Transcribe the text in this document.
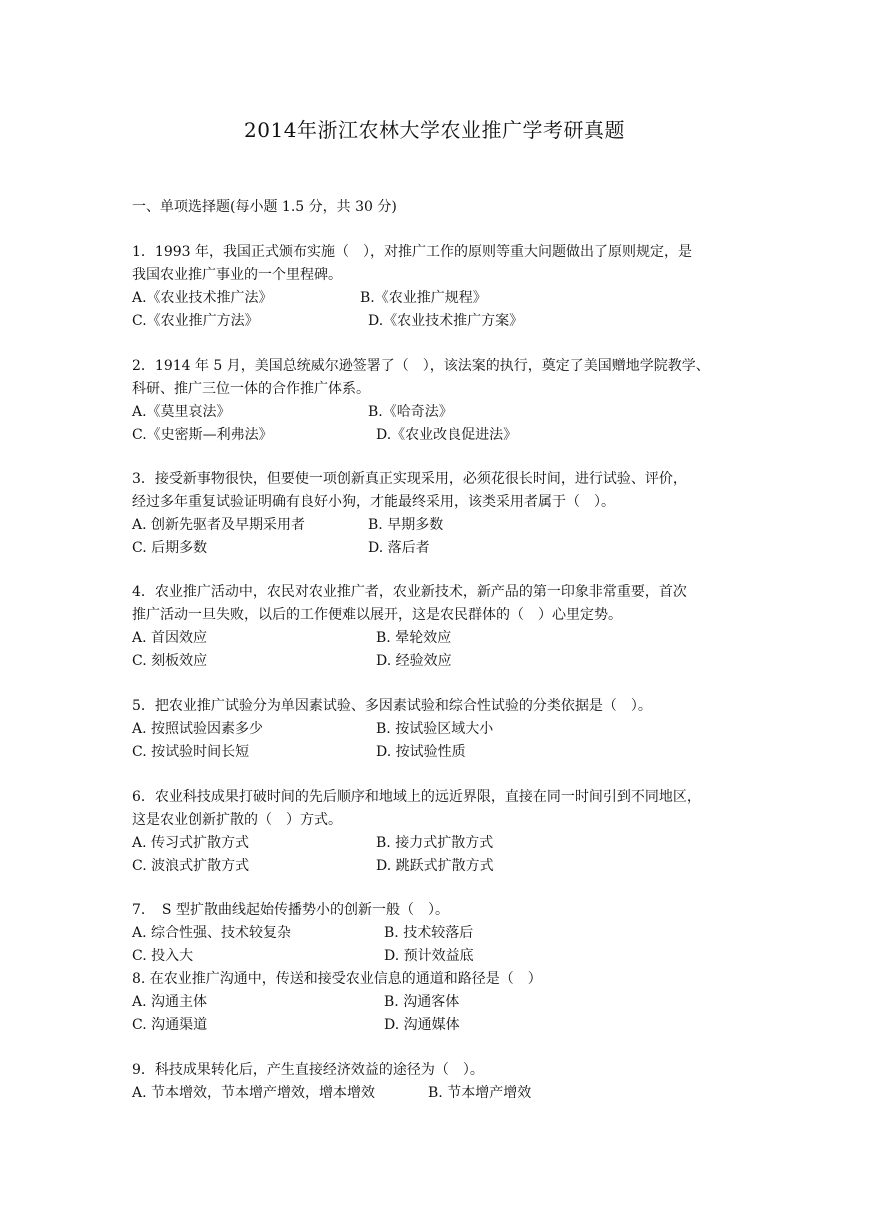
2014年浙江农林大学农业推广学考研真题
一、单项选择题(每小题 1.5 分，共 30 分)
1．1993 年，我国正式颁布实施（　），对推广工作的原则等重大问题做出了原则规定，是
我国农业推广事业的一个里程碑。
A.《农业技术推广法》	B.《农业推广规程》
C.《农业推广方法》	D.《农业技术推广方案》
2．1914 年 5 月，美国总统威尔逊签署了（　），该法案的执行，奠定了美国赠地学院教学、
科研、推广三位一体的合作推广体系。
A.《莫里哀法》	B.《哈奇法》
C.《史密斯—利弗法》	D.《农业改良促进法》
3．接受新事物很快，但要使一项创新真正实现采用，必须花很长时间，进行试验、评价，
经过多年重复试验证明确有良好小狗，才能最终采用，该类采用者属于（　）。
A. 创新先驱者及早期采用者	B. 早期多数
C. 后期多数	D. 落后者
4．农业推广活动中，农民对农业推广者，农业新技术，新产品的第一印象非常重要，首次
推广活动一旦失败，以后的工作便难以展开，这是农民群体的（　）心里定势。
A. 首因效应	B. 晕轮效应
C. 刻板效应	D. 经验效应
5．把农业推广试验分为单因素试验、多因素试验和综合性试验的分类依据是（　）。
A. 按照试验因素多少	B. 按试验区域大小
C. 按试验时间长短	D. 按试验性质
6．农业科技成果打破时间的先后顺序和地域上的远近界限，直接在同一时间引到不同地区，
这是农业创新扩散的（　）方式。
A. 传习式扩散方式	B. 接力式扩散方式
C. 波浪式扩散方式	D. 跳跃式扩散方式
7．　S 型扩散曲线起始传播势小的创新一般（　）。
A. 综合性强、技术较复杂	B. 技术较落后
C. 投入大	D. 预计效益底
8. 在农业推广沟通中，传送和接受农业信息的通道和路径是（　）
A. 沟通主体	B. 沟通客体
C. 沟通渠道	D. 沟通媒体
9．科技成果转化后，产生直接经济效益的途径为（　）。
A. 节本增效，节本增产增效，增本增效	B. 节本增产增效
